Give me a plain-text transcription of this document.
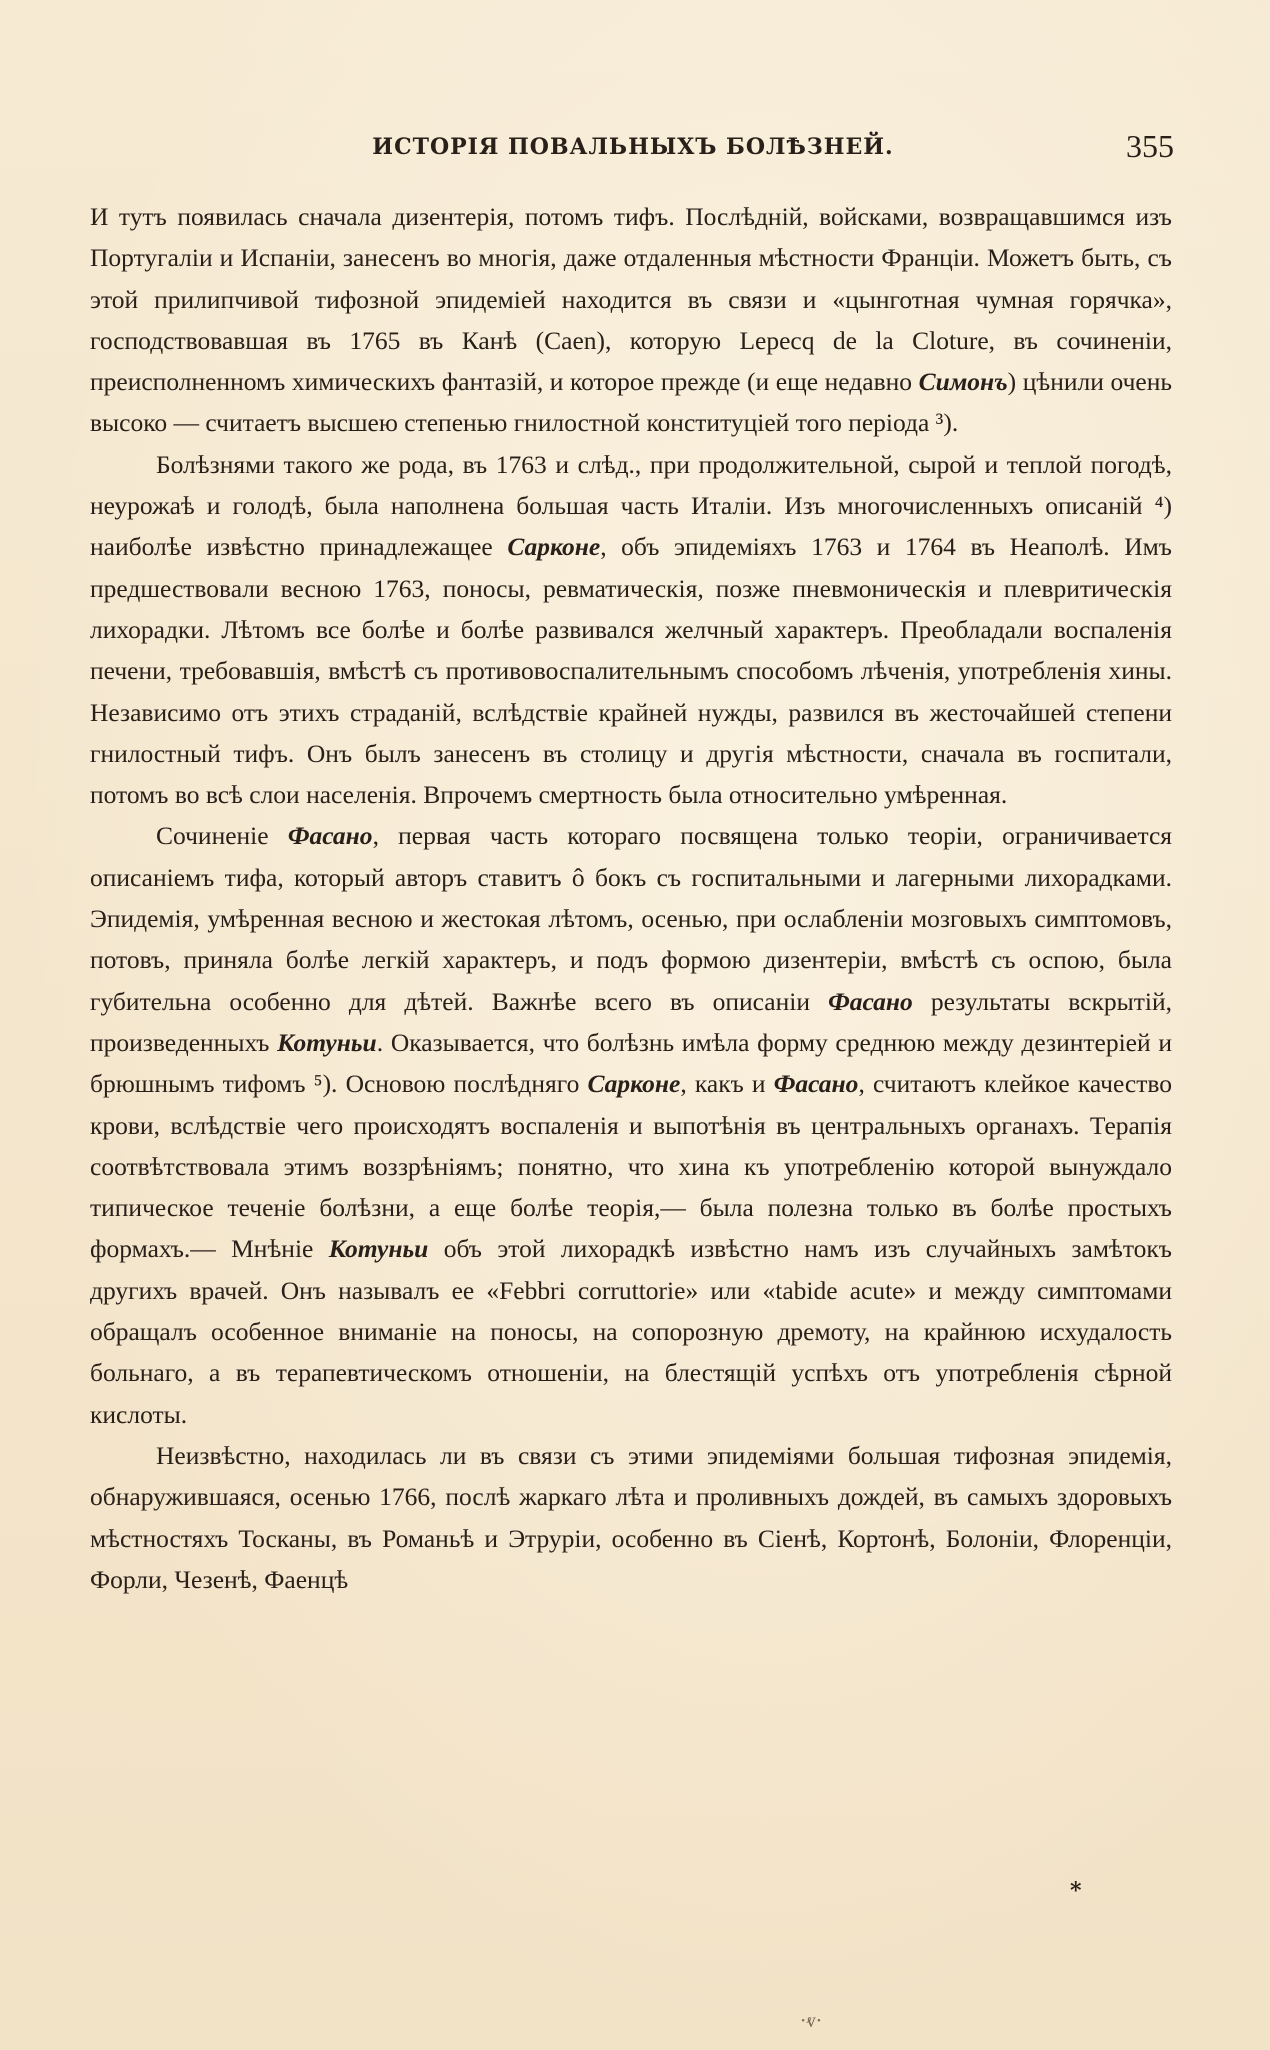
ИСТОРІЯ ПОВАЛЬНЫХЪ БОЛѢЗНЕЙ.	355

И тутъ появилась сначала дизентерія, потомъ тифъ. Послѣдній, войсками, возвращавшимся изъ Португаліи и Испаніи, занесенъ во многія, даже отдаленныя мѣстности Франціи. Можетъ быть, съ этой прилипчивой тифозной эпидеміей находится въ связи и «цынготная чумная горячка», господствовавшая въ 1765 въ Канѣ (Caen), которую Lepecq de la Cloture, въ сочиненіи, преисполненномъ химическихъ фантазій, и которое прежде (и еще недавно Симонъ) цѣнили очень высоко — считаетъ высшею степенью гнилостной конституціей того періода ³).

Болѣзнями такого же рода, въ 1763 и слѣд., при продолжительной, сырой и теплой погодѣ, неурожаѣ и голодѣ, была наполнена большая часть Италіи. Изъ многочисленныхъ описаній ⁴) наиболѣе извѣстно принадлежащее Сарконе, объ эпидеміяхъ 1763 и 1764 въ Неаполѣ. Имъ предшествовали весною 1763, поносы, ревматическія, позже пневмоническія и плевритическія лихорадки. Лѣтомъ все болѣе и болѣе развивался желчный характеръ. Преобладали воспаленія печени, требовавшія, вмѣстѣ съ противовоспалительнымъ способомъ лѣченія, употребленія хины. Независимо отъ этихъ страданій, вслѣдствіе крайней нужды, развился въ жесточайшей степени гнилостный тифъ. Онъ былъ занесенъ въ столицу и другія мѣстности, сначала въ госпитали, потомъ во всѣ слои населенія. Впрочемъ смертность была относительно умѣренная.

Сочиненіе Фасано, первая часть котораго посвящена только теоріи, ограничивается описаніемъ тифа, который авторъ ставитъ ô бокъ съ госпитальными и лагерными лихорадками. Эпидемія, умѣренная весною и жестокая лѣтомъ, осенью, при ослабленіи мозговыхъ симптомовъ, потовъ, приняла болѣе легкій характеръ, и подъ формою дизентеріи, вмѣстѣ съ оспою, была губительна особенно для дѣтей. Важнѣе всего въ описаніи Фасано результаты вскрытій, произведенныхъ Котуньи. Оказывается, что болѣзнь имѣла форму среднюю между дезинтеріей и брюшнымъ тифомъ ⁵). Основою послѣдняго Сарконе, какъ и Фасано, считаютъ клейкое качество крови, вслѣдствіе чего происходятъ воспаленія и выпотѣнія въ центральныхъ органахъ. Терапія соотвѣтствовала этимъ воззрѣніямъ; понятно, что хина къ употребленію которой вынуждало типическое теченіе болѣзни, а еще болѣе теорія,— была полезна только въ болѣе простыхъ формахъ.— Мнѣніе Котуньи объ этой лихорадкѣ извѣстно намъ изъ случайныхъ замѣтокъ другихъ врачей. Онъ называлъ ее «Febbri corruttorie» или «tabide acute» и между симптомами обращалъ особенное вниманіе на поносы, на сопорозную дремоту, на крайнюю исхудалость больнаго, а въ терапевтическомъ отношеніи, на блестящій успѣхъ отъ употребленія сѣрной кислоты.

Неизвѣстно, находилась ли въ связи съ этими эпидеміями большая тифозная эпидемія, обнаружившаяся, осенью 1766, послѣ жаркаго лѣта и проливныхъ дождей, въ самыхъ здоровыхъ мѣстностяхъ Тосканы, въ Романьѣ и Этруріи, особенно въ Сіенѣ, Кортонѣ, Болоніи, Флоренціи, Форли, Чезенѣ, Фаенцѣ

*
·ⱴ·
